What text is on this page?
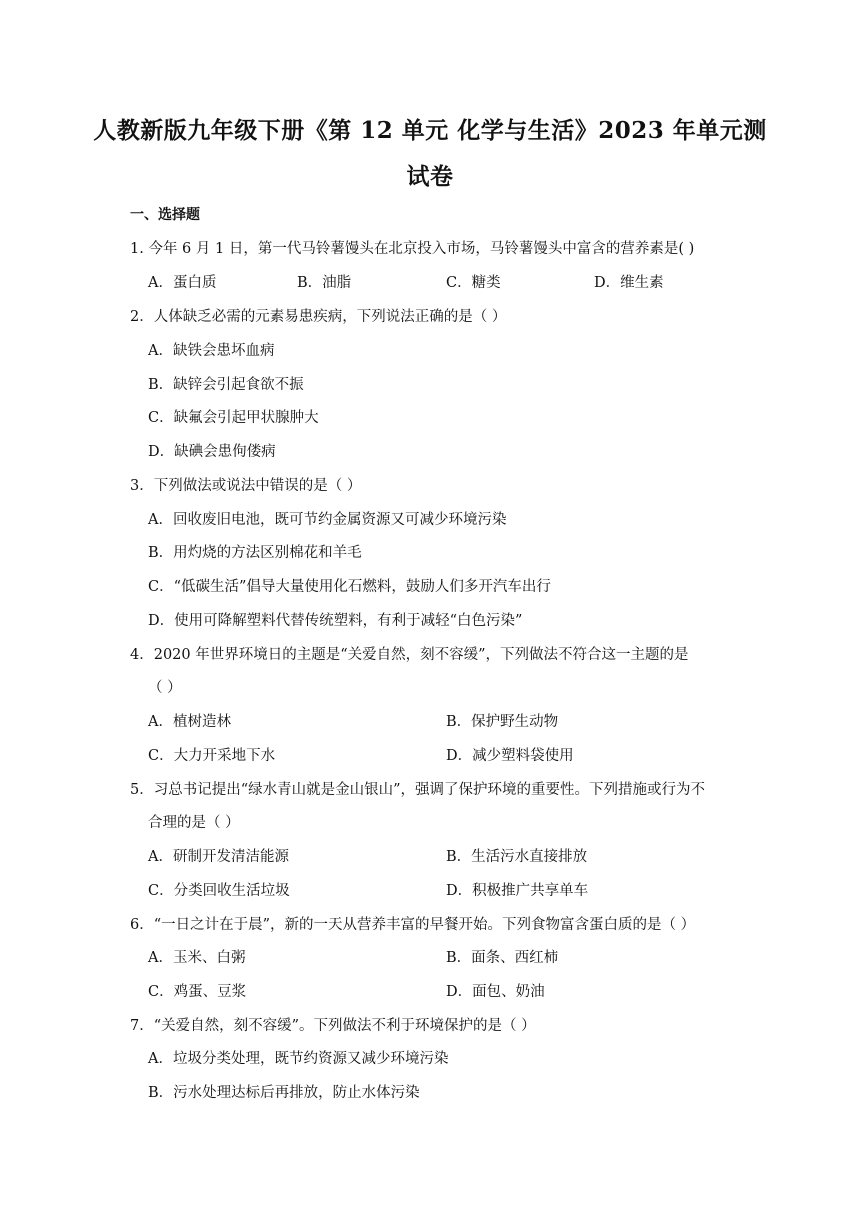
人教新版九年级下册《第 12 单元 化学与生活》2023 年单元测
试卷
一、选择题
1. 今年 6 月 1 日，第一代马铃薯馒头在北京投入市场，马铃薯馒头中富含的营养素是( )
A．蛋白质	B．油脂	C．糖类	D．维生素
2．人体缺乏必需的元素易患疾病，下列说法正确的是（ ）
A．缺铁会患坏血病
B．缺锌会引起食欲不振
C．缺氟会引起甲状腺肿大
D．缺碘会患佝偻病
3．下列做法或说法中错误的是（ ）
A．回收废旧电池，既可节约金属资源又可减少环境污染
B．用灼烧的方法区别棉花和羊毛
C．“低碳生活”倡导大量使用化石燃料，鼓励人们多开汽车出行
D．使用可降解塑料代替传统塑料，有利于减轻“白色污染”
4．2020 年世界环境日的主题是“关爱自然，刻不容缓”，下列做法不符合这一主题的是
（ ）
A．植树造林	B．保护野生动物
C．大力开采地下水	D．减少塑料袋使用
5．习总书记提出“绿水青山就是金山银山”，强调了保护环境的重要性。下列措施或行为不
合理的是（ ）
A．研制开发清洁能源	B．生活污水直接排放
C．分类回收生活垃圾	D．积极推广共享单车
6．“一日之计在于晨”，新的一天从营养丰富的早餐开始。下列食物富含蛋白质的是（ ）
A．玉米、白粥	B．面条、西红柿
C．鸡蛋、豆浆	D．面包、奶油
7．“关爱自然，刻不容缓”。下列做法不利于环境保护的是（ ）
A．垃圾分类处理，既节约资源又减少环境污染
B．污水处理达标后再排放，防止水体污染
